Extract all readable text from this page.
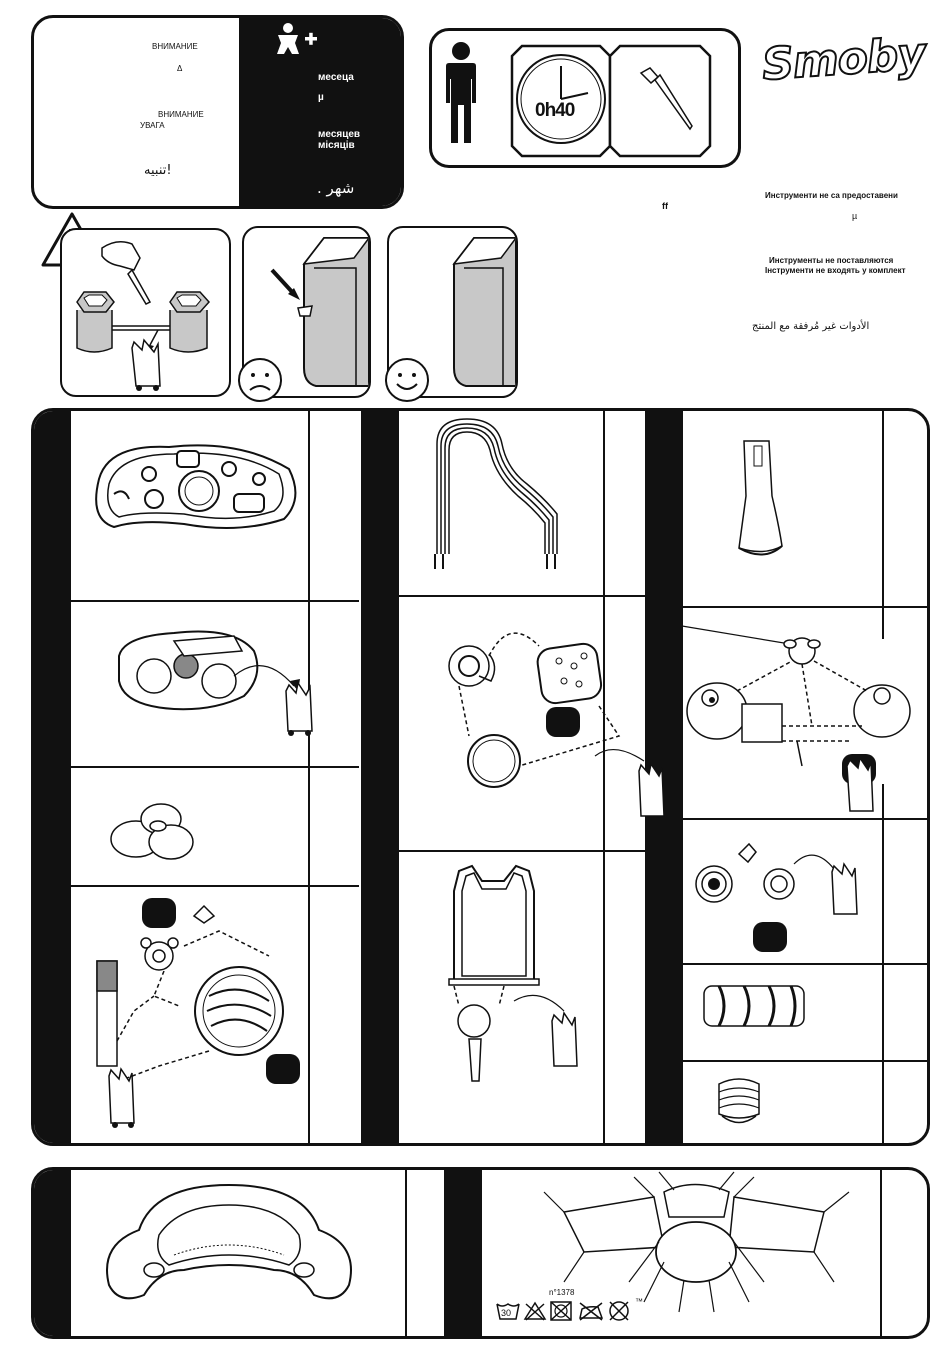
ВНИМАНИЕ
Δ
ВНИМАНИЕ
УВАГА
تنبيه!
месеца
µ
месяцев
місяців
. شهر
0h40
Smoby
ff
Инструменти не са предоставени
µ
Инструменты не поставляются
Інструменти не входять у комплект
الأدوات غير مُرفقة مع المنتج
n°1378
30
™
